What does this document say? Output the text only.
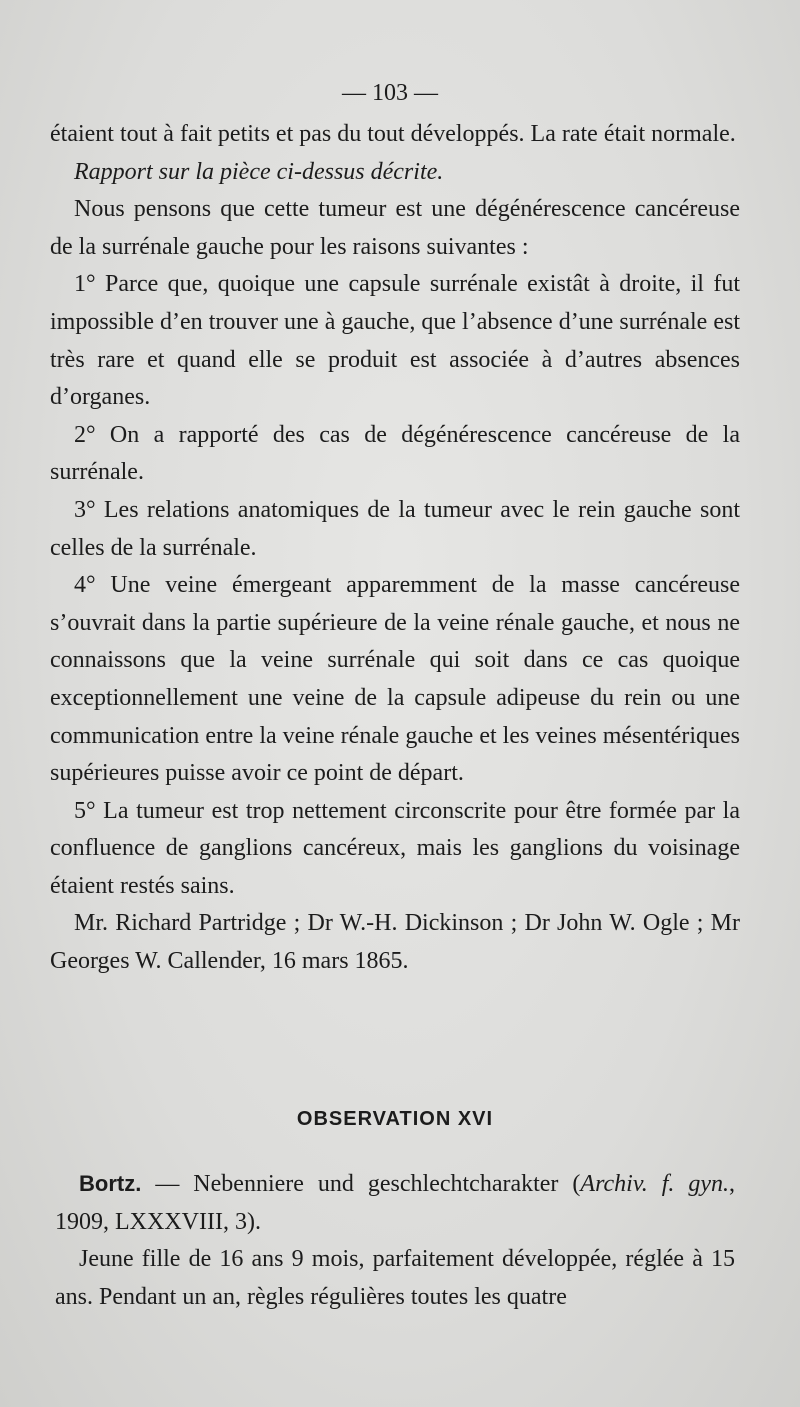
— 103 —

étaient tout à fait petits et pas du tout développés. La rate était normale.

Rapport sur la pièce ci-dessus décrite.

Nous pensons que cette tumeur est une dégénérescence cancéreuse de la surrénale gauche pour les raisons suivantes :

1° Parce que, quoique une capsule surrénale existât à droite, il fut impossible d’en trouver une à gauche, que l’absence d’une surrénale est très rare et quand elle se produit est associée à d’autres absences d’organes.

2° On a rapporté des cas de dégénérescence cancéreuse de la surrénale.

3° Les relations anatomiques de la tumeur avec le rein gauche sont celles de la surrénale.

4° Une veine émergeant apparemment de la masse cancéreuse s’ouvrait dans la partie supérieure de la veine rénale gauche, et nous ne connaissons que la veine surrénale qui soit dans ce cas quoique exceptionnellement une veine de la capsule adipeuse du rein ou une communication entre la veine rénale gauche et les veines mésentériques supérieures puisse avoir ce point de départ.

5° La tumeur est trop nettement circonscrite pour être formée par la confluence de ganglions cancéreux, mais les ganglions du voisinage étaient restés sains.

Mr. Richard Partridge ; Dr W.-H. Dickinson ; Dr John W. Ogle ; Mr Georges W. Callender, 16 mars 1865.

OBSERVATION XVI

Bortz. — Nebenniere und geschlechtcharakter (Archiv. f. gyn., 1909, LXXXVIII, 3).

Jeune fille de 16 ans 9 mois, parfaitement développée, réglée à 15 ans. Pendant un an, règles régulières toutes les quatre
